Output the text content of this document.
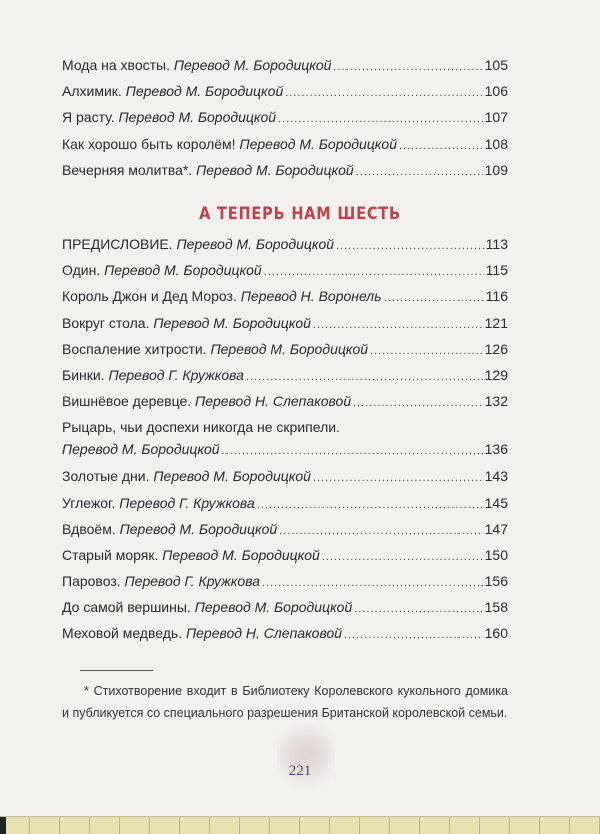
Мода на хвосты. Перевод М. Бородицкой .....	105
Алхимик. Перевод М. Бородицкой .....	106
Я расту. Перевод М. Бородицкой .....	107
Как хорошо быть королём! Перевод М. Бородицкой .....	108
Вечерняя молитва*. Перевод М. Бородицкой .....	109
А ТЕПЕРЬ НАМ ШЕСТЬ
ПРЕДИСЛОВИЕ. Перевод М. Бородицкой .....	113
Один. Перевод М. Бородицкой .....	115
Король Джон и Дед Мороз. Перевод Н. Воронель .....	116
Вокруг стола. Перевод М. Бородицкой .....	121
Воспаление хитрости. Перевод М. Бородицкой .....	126
Бинки. Перевод Г. Кружкова .....	129
Вишнёвое деревце. Перевод Н. Слепаковой .....	132
Рыцарь, чьи доспехи никогда не скрипели.
Перевод М. Бородицкой .....	136
Золотые дни. Перевод М. Бородицкой .....	143
Углежог. Перевод Г. Кружкова .....	145
Вдвоём. Перевод М. Бородицкой .....	147
Старый моряк. Перевод М. Бородицкой .....	150
Паровоз. Перевод Г. Кружкова .....	156
До самой вершины. Перевод М. Бородицкой .....	158
Меховой медведь. Перевод Н. Слепаковой .....	160
* Стихотворение входит в Библиотеку Королевского кукольного домика и публикуется со специального разрешения Британской королевской семьи.
221
